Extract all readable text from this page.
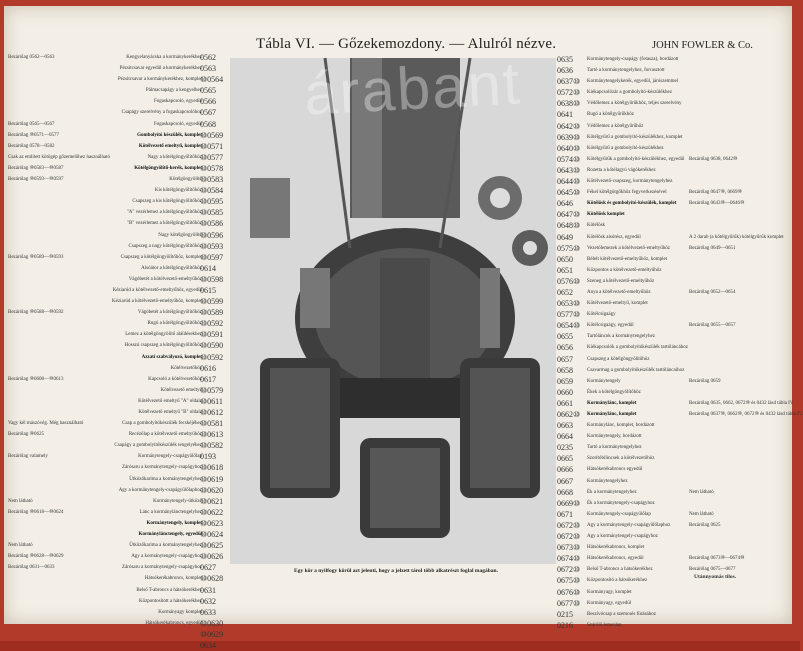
Tábla VI. — Gőzekemozdony. — Alulról nézve.	JOHN FOWLER & Co.
Bezárólag 0562—0563
Bezárólag 0565—0567
Bezárólag ⑩0571—0577
Bezárólag 0578—0582
Csak az említett kötögép gőzemelőhez használható
Bezárólag ⑩0583—⑩0587
Bezárólag ⑩0593—⑩0597
Bezárólag ⑩0589—⑩0593
Bezárólag ⑩0588—⑩0592
Bezárólag ⑩0608—⑩0613
Vagy kél mászóvég. Még használható
Bezárólag ⑩0625
Bezárólag valamely
Nem látható
Bezárólag ⑩0618—⑩0624
Nem látható
Bezárólag ⑩0628—⑩0629
Bezárólag 0631—0633
Kengyelanyácska a kormánykerékhez
Pézsitcsavar egyedül a kormánykerékhez
Pézsitcsavar a kormánykerékhez, komplet
Pálmacsapágy a kengyelhez
Fogaskapcsoló, egyedül
Csapágy szerelvény a fogaskapcsolóhoz
Fogaskapcsoló, egyedül
Gombolyító készülék, komplet
Kötélvezető emeltyű, komplet
Nagy a kötélgöngyölítőhöz
Kötélgöngyölítő-kerék, komplet
Kötélgöngyölítő
Kis kötélgöngyölítőhöz
Csapszeg a kis kötélgöngyölítőhöz
"A" vezérlemez a kötélgöngyölítőhöz
"B" vezérlemez a kötélgöngyölítőhöz
Nagy kötélgöngyölítő
Csapszeg a nagy kötélgöngyölítőhöz
Csapszeg a kötélgöngyölítőhöz, komplet
Alsóátor a kötélgöngyölítőhöz
Vágóbetét a kötélvezető-emeltyűhöz
Kéziarúd a kötélvezető-emeltyűhöz, egyedül
Kéziarúd a kötélvezető-emeltyűhöz, komplet
Vágóbetét a kötélgöngyölítőhöz
Rugó a kötélgöngyölítőhöz
Lemez a kötélgöngyölítő aláülésekhez
Hosszú csapszeg a kötélgöngyölítőhöz
Azzati szabvályozó, komplet
Kötélvezetőhöz
Kapcsoló a kötélvezetőhöz
Kötélvezető emeltyű
Kötélvezető emeltyű "A" oldala
Kötélvezető emeltyű "B" oldala
Csap a gombolyítókészülék fecskéjéhez
Recézőlap a kötélvezető emeltyűhöz
Csapágy a gombolyítókészülék tengelyéhez
Kormánytengely-csapágyülőlap
Zárósaru a kormánytengely-csapágyhoz
Ütközőkarima a kormánytengelyhez
Agy a kormánytengely-csapágyülőlaphoz
Kormánytengely-ütköző
Lánc a kormánylánctengelyhez
Kormánytengely, komplet
Kormánylánctengely, egyedül
Ütközőkarima a kormánytengelyhez
Agy a kormánytengely-csapágyhoz
Zárósaru a kormánytengely-csapágyhoz
Hátsókerékabroncs, komplet
Belső T-abroncs a hátsókerékhez
Központosított a hátsókerékhez
Kormányagy komplet
Hátsókerékabroncs, egyedül
0562
0563
⑩0564
0565
0566
0567
0568
⑩0569
⑩0571
⑩0577
⑩0578
⑩0583
⑩0584
⑩0595
⑩0585
⑩0586
⑩0596
⑩0593
⑩0597
0614
⑩0598
0615
⑩0599
⑩0589
⑩0592
⑩0591
⑩0590
⑩0592
0616
0617
⑩0579
⑩0611
⑩0612
⑩0581
⑩0613
⑩0582
0193
⑩0618
⑩0619
⑩0620
⑩0621
⑩0622
⑩0623
⑩0624
⑩0625
⑩0626
0627
⑩0628
0631
0632
0633
⑩0630
⑩0629
0634
árabant	0635
0636
0637⑩
0572⑩
0638⑩
0641
0642⑩
0639⑩
0640⑩
0574⑩
0643⑩
0644⑩
0645⑩
0646
0647⑩
0648⑩
0649
0575⑩
0650
0651
0576⑩
0652
0653⑩
0577⑩
0654⑩
0655
0656
0657
0658
0659
0660
0661
0662⑩
0663
0664
0235
0665
0666
0667
0668
0669⑩
0671
0672⑩
0672⑩
0673⑩
0674⑩
0672⑩
0675⑩
0676⑩
0677⑩
0215
0216
Kormánytengely-csapágy (fotasza), bordázott
Tartó a kormánytengelyhez, forrasztott
Kormánytengelykerék, egyedül, járószemmel
Kiékapcsolózár a gombolyító-készülékhez
Védőlemez a kötélgyűrűkhöz, teljes szerelvény
Rugó a kötélgyűrűkhöz
Védőlemez a kötélgyűrűhöz
Kötélgyűrű a gombolyító-készülékhez, komplet
Kötélgyűrű a gombolyító-készülékhez
Kötélgyűrűk a gombolyító-készülékhez, egyedül
Rozetta a kötélagyú vágókerékhez
Kötélvezető-csapszeg, kormánytengelyhez
Fékel kötélgörgőkhöz fegyverkezésével
Kötélösk és gombolyító-készülék, komplet
Kötélösk komplet
Kötélösk
Kötélösk alsórész, egyedül
Vezetőlemezek a kötélvezető-emeltyűhöz
Bélelt kötélvezető-emeltyűhöz, komplet
Központos a kötélvezető-emeltyűhöz
Szeneg a kötélvezető-emeltyűhöz
Anya a kötélvezető-emeltyűhöz
Kötélvezető-emeltyű, komplet
Kötélcsigaágy
Kötélcsigaágy, egyedül
Tartóláncok a kormánytengelyhez
Kiékapcsolók a gombolyítókészülék tartóláncához
Csapszeg a kötélgöngyölítőhöz
Csavarmag a gombolyítókészülék tartóláncaihoz
Kormánytengely
Ékek a kötélgöngyölítőhöz
Kormánylánc, komplet
Kormánylánc, komplet
Kormánylánc, komplet, bordázott
Kormánytengely, bordázott
Tartó a kormánytengelyhez
Szorítóbilincsek a kötélvezetőhöz
Hátsókerékabroncs egyedül
Kormánytengelyhez
Ék a kormánytengelyhez
Ék a kormánytengely-csapágyhoz
Kormánytengely-csapágyülőlap
Agy a kormánytengely-csapágyülőlaphoz
Agy a kormánytengely-csapágyhoz
Hátsókerékabroncs, komplet
Hátsókerékabroncs, egyedül
Belső T-abroncs a hátsókerékhez
Központosító a hátsókerékhez
Kormányagy, komplet
Kormányagy, egyedül
Beszívócsap a szemcsés fúrásához
Szárölő lemezlap
Bezárólag 0638, 0642⑩
Bezárólag 0647⑩, 0669⑩
Bezárólag 0643⑩—0646⑩
A 2 darab (a kötélgyűrűk) kötélgyűrűk komplet
Bezárólag 0649—0651
Bezárólag 0652—0654
Bezárólag 0655—0657
Bezárólag 0659
Bezárólag 0635, 0662, 0672⑩ és 0432 lásd tábla IV.
Bezárólag 0637⑩, 0662⑩, 0672⑩ és 0432 lásd tábla IV.
Nem látható
Nem látható
Bezárólag 0625
Bezárólag 0673⑩—0674⑩
Bezárólag 0675—0677
Egy kör a nyilfogy körül azt jelenti, hogy a jelzett tárol több alkatrészt foglal magában.
Utánnyomás tilos.
